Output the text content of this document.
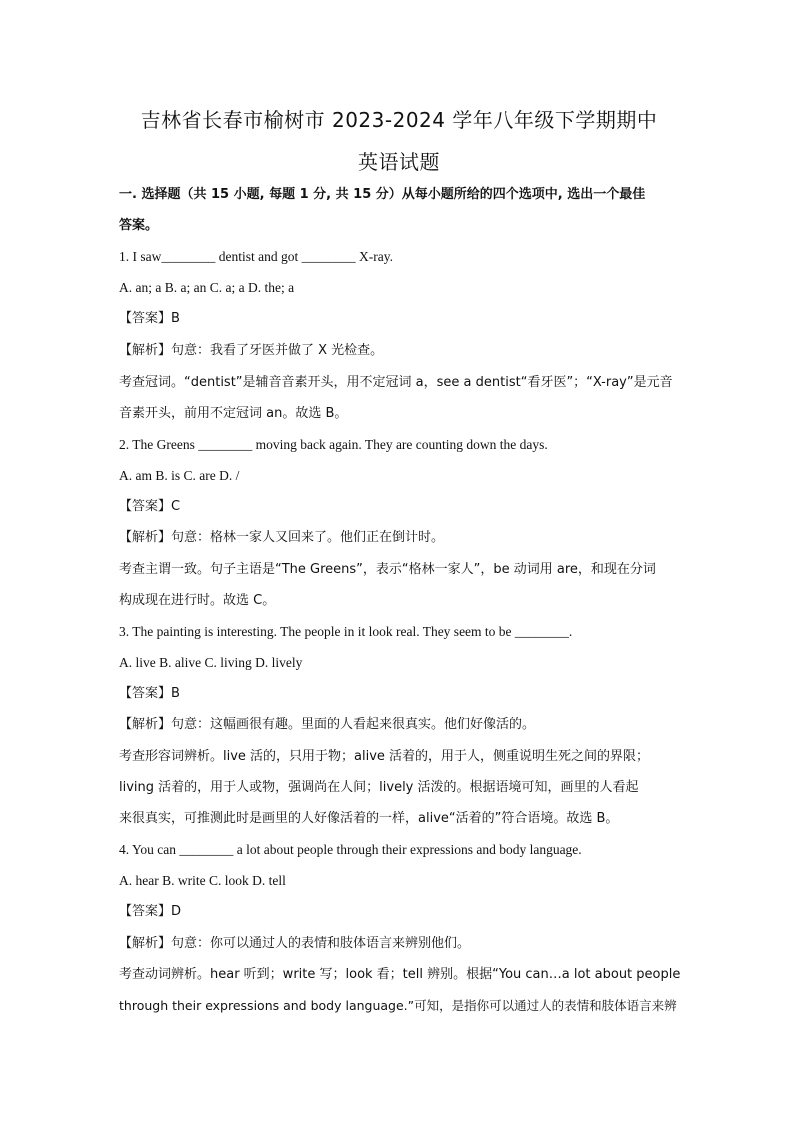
吉林省长春市榆树市 2023-2024 学年八年级下学期期中
英语试题
一. 选择题（共 15 小题, 每题 1 分, 共 15 分）从每小题所给的四个选项中, 选出一个最佳
答案。
1. I saw________ dentist and got ________ X-ray.
A. an; a B. a; an C. a; a D. the; a
【答案】B
【解析】句意：我看了牙医并做了 X 光检查。
考查冠词。“dentist”是辅音音素开头，用不定冠词 a，see a dentist“看牙医”；“X-ray”是元音
音素开头，前用不定冠词 an。故选 B。
2. The Greens ________ moving back again. They are counting down the days.
A. am B. is C. are D. /
【答案】C
【解析】句意：格林一家人又回来了。他们正在倒计时。
考查主谓一致。句子主语是“The Greens”，表示“格林一家人”，be 动词用 are，和现在分词
构成现在进行时。故选 C。
3. The painting is interesting. The people in it look real. They seem to be ________.
A. live B. alive C. living D. lively
【答案】B
【解析】句意：这幅画很有趣。里面的人看起来很真实。他们好像活的。
考查形容词辨析。live 活的，只用于物；alive 活着的，用于人，侧重说明生死之间的界限；
living 活着的，用于人或物，强调尚在人间；lively 活泼的。根据语境可知，画里的人看起
来很真实，可推测此时是画里的人好像活着的一样，alive“活着的”符合语境。故选 B。
4. You can ________ a lot about people through their expressions and body language.
A. hear B. write C. look D. tell
【答案】D
【解析】句意：你可以通过人的表情和肢体语言来辨别他们。
考查动词辨析。hear 听到；write 写；look 看；tell 辨别。根据“You can…a lot about people
through their expressions and body language.”可知，是指你可以通过人的表情和肢体语言来辨
